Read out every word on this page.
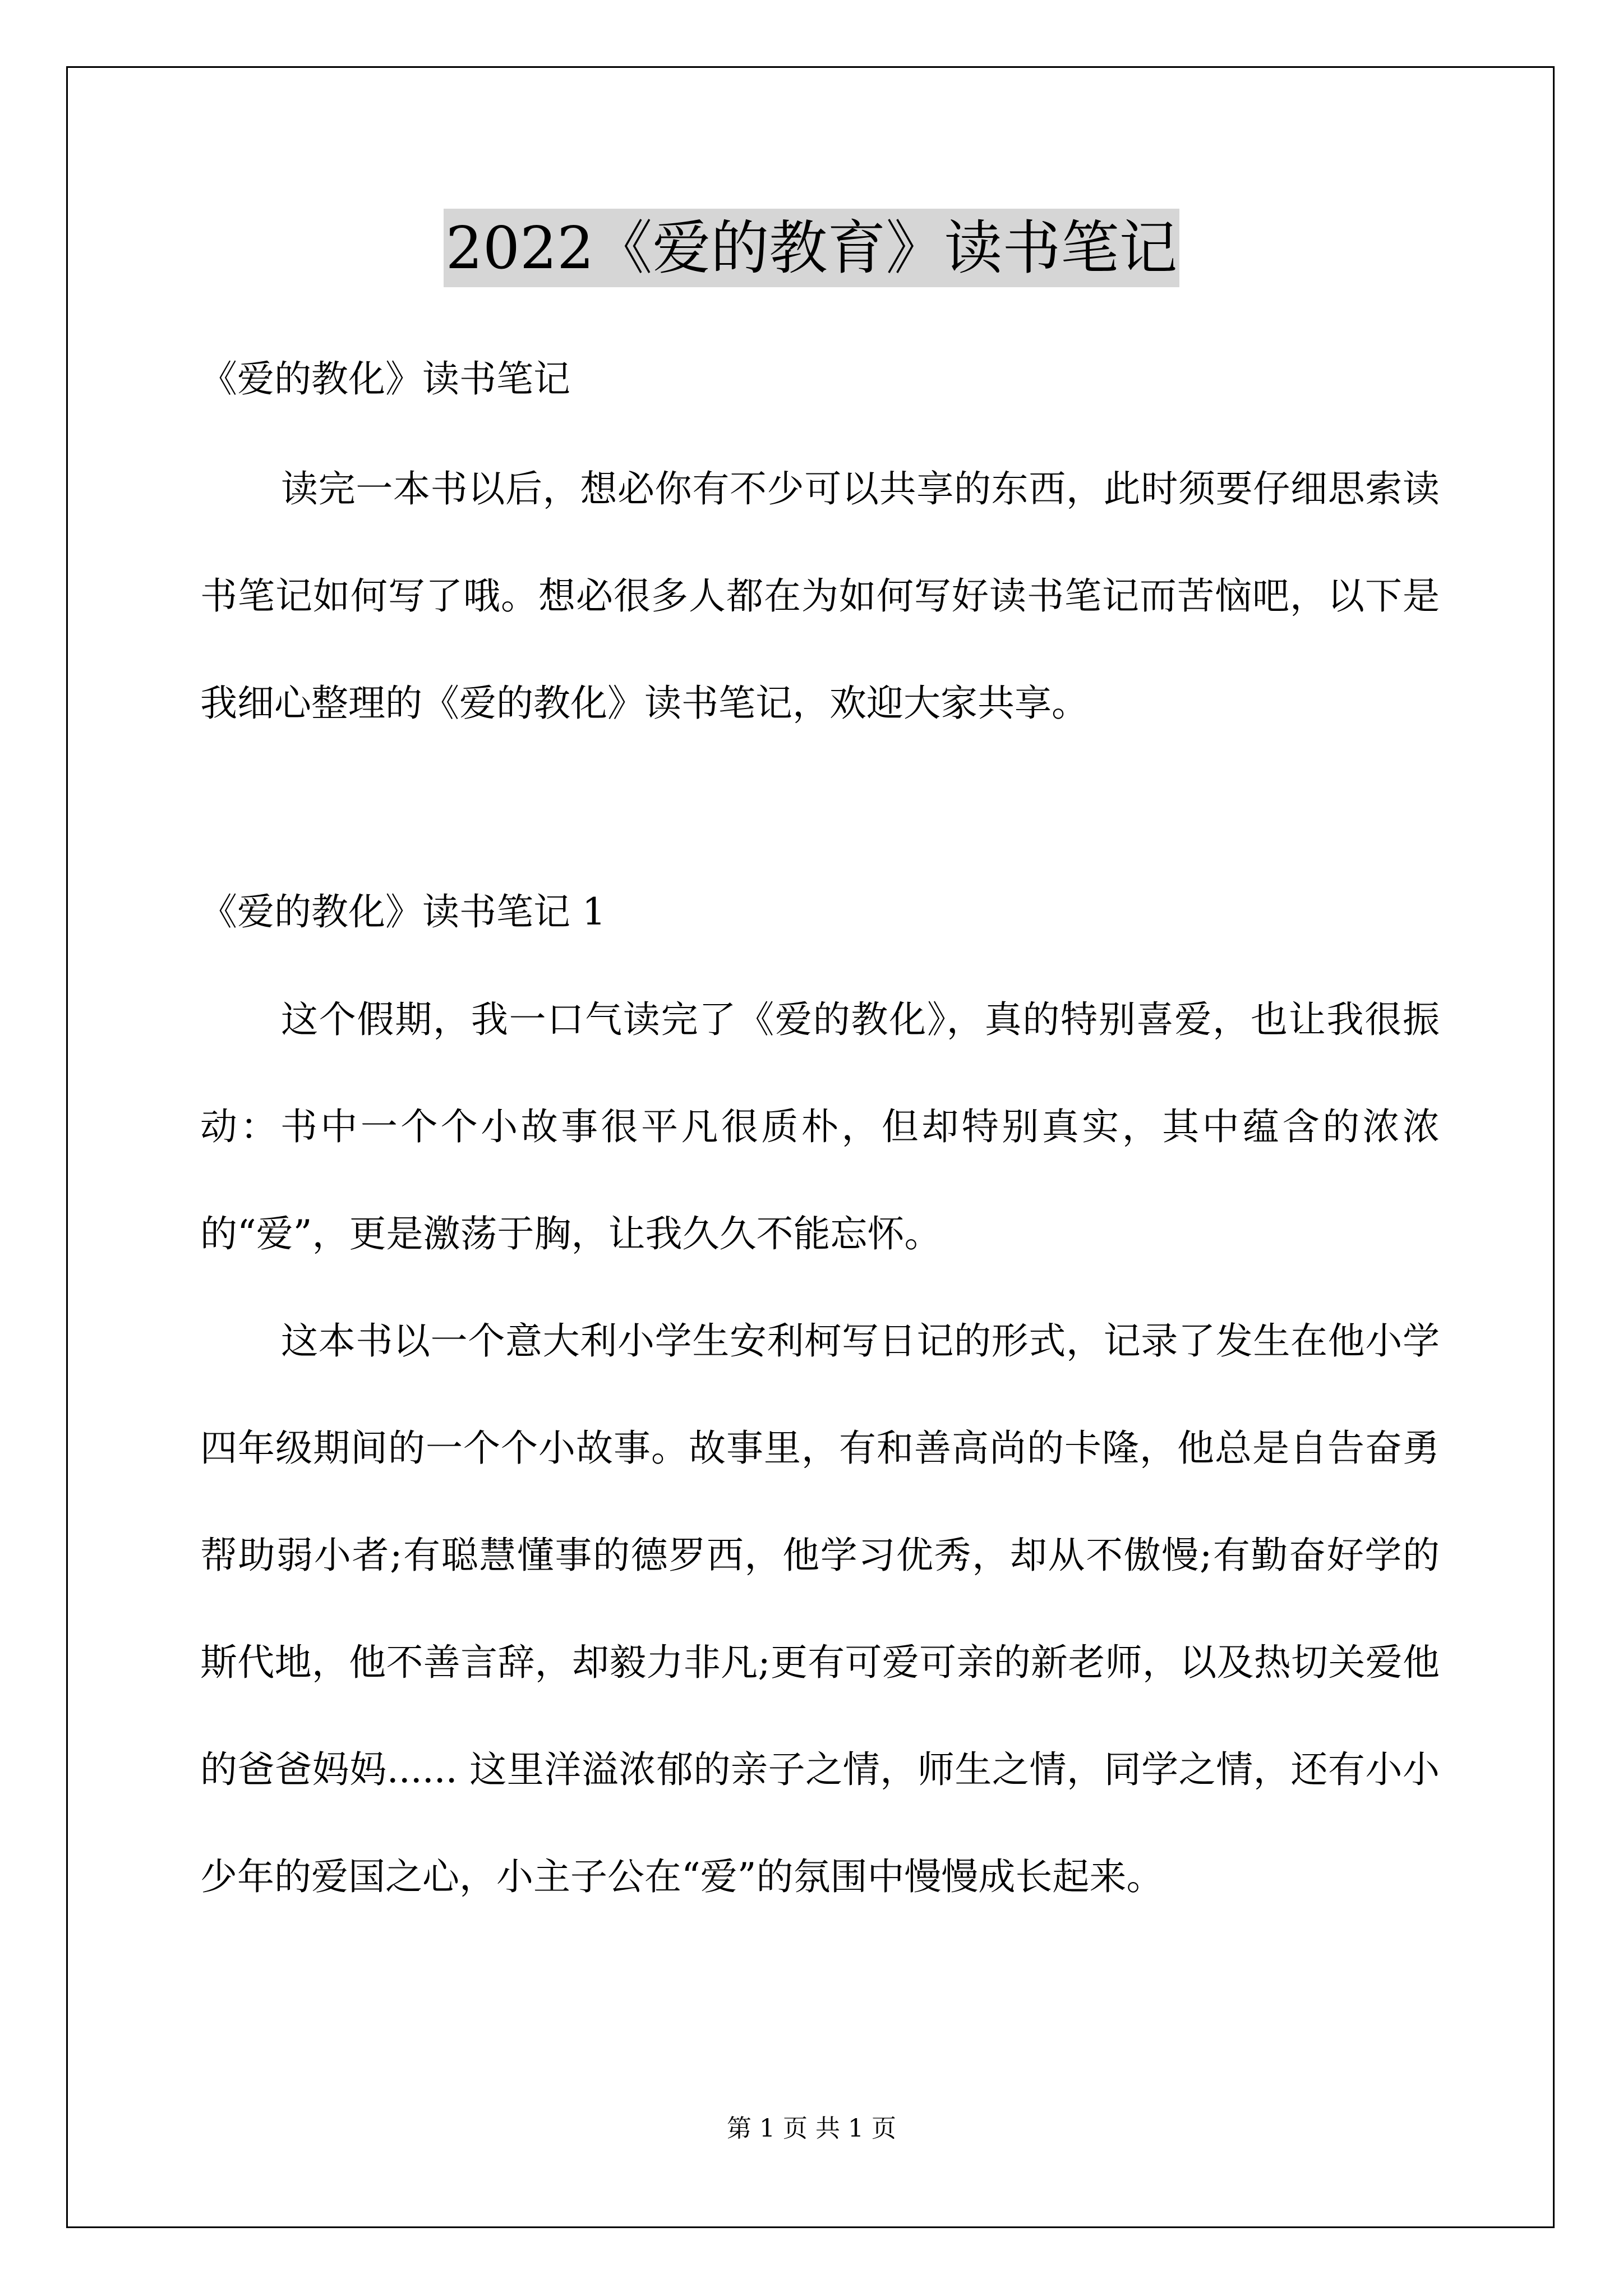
2022《爱的教育》读书笔记
《爱的教化》读书笔记

读完一本书以后，想必你有不少可以共享的东西，此时须要仔细思索读书笔记如何写了哦。想必很多人都在为如何写好读书笔记而苦恼吧，以下是我细心整理的《爱的教化》读书笔记，欢迎大家共享。

《爱的教化》读书笔记 1

这个假期，我一口气读完了《爱的教化》，真的特别喜爱，也让我很振动：书中一个个小故事很平凡很质朴，但却特别真实，其中蕴含的浓浓的“爱”，更是激荡于胸，让我久久不能忘怀。

这本书以一个意大利小学生安利柯写日记的形式，记录了发生在他小学四年级期间的一个个小故事。故事里，有和善高尚的卡隆，他总是自告奋勇帮助弱小者;有聪慧懂事的德罗西，他学习优秀，却从不傲慢;有勤奋好学的斯代地，他不善言辞，却毅力非凡;更有可爱可亲的新老师，以及热切关爱他的爸爸妈妈...... 这里洋溢浓郁的亲子之情，师生之情，同学之情，还有小小少年的爱国之心，小主子公在“爱”的氛围中慢慢成长起来。

第 1 页 共 1 页
